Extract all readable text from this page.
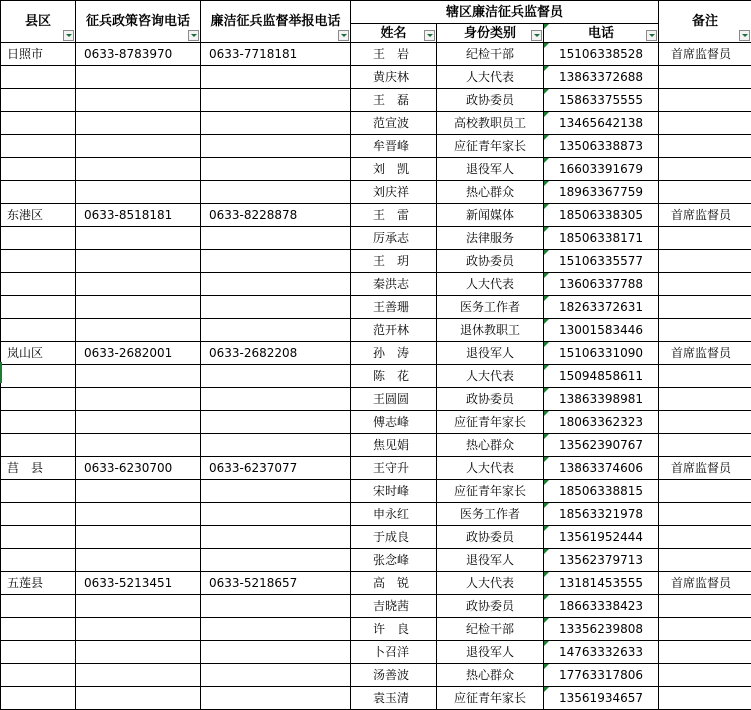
县区	征兵政策咨询电话	廉洁征兵监督举报电话	辖区廉洁征兵监督员			备注

			姓名	身份类别	电话	

日照市	0633-8783970	0633-7718181	王　岩	纪检干部	15106338528	首席监督员
			黄庆林	人大代表	13863372688	
			王　磊	政协委员	15863375555	
			范宣波	高校教职员工	13465642138	
			牟晋峰	应征青年家长	13506338873	
			刘　凯	退役军人	16603391679	
			刘庆祥	热心群众	18963367759	
东港区	0633-8518181	0633-8228878	王　雷	新闻媒体	18506338305	首席监督员
			厉承志	法律服务	18506338171	
			王　玥	政协委员	15106335577	
			秦洪志	人大代表	13606337788	
			王善珊	医务工作者	18263372631	
			范开林	退休教职工	13001583446	
岚山区	0633-2682001	0633-2682208	孙　涛	退役军人	15106331090	首席监督员
			陈　花	人大代表	15094858611	
			王圆圆	政协委员	13863398981	
			傅志峰	应征青年家长	18063362323	
			焦见娟	热心群众	13562390767	
莒　县	0633-6230700	0633-6237077	王守升	人大代表	13863374606	首席监督员
			宋时峰	应征青年家长	18506338815	
			申永红	医务工作者	18563321978	
			于成良	政协委员	13561952444	
			张念峰	退役军人	13562379713	
五莲县	0633-5213451	0633-5218657	高　锐	人大代表	13181453555	首席监督员
			吉晓茜	政协委员	18663338423	
			许　良	纪检干部	13356239808	
			卜召洋	退役军人	14763332633	
			汤善波	热心群众	17763317806	
			袁玉清	应征青年家长	13561934657	
